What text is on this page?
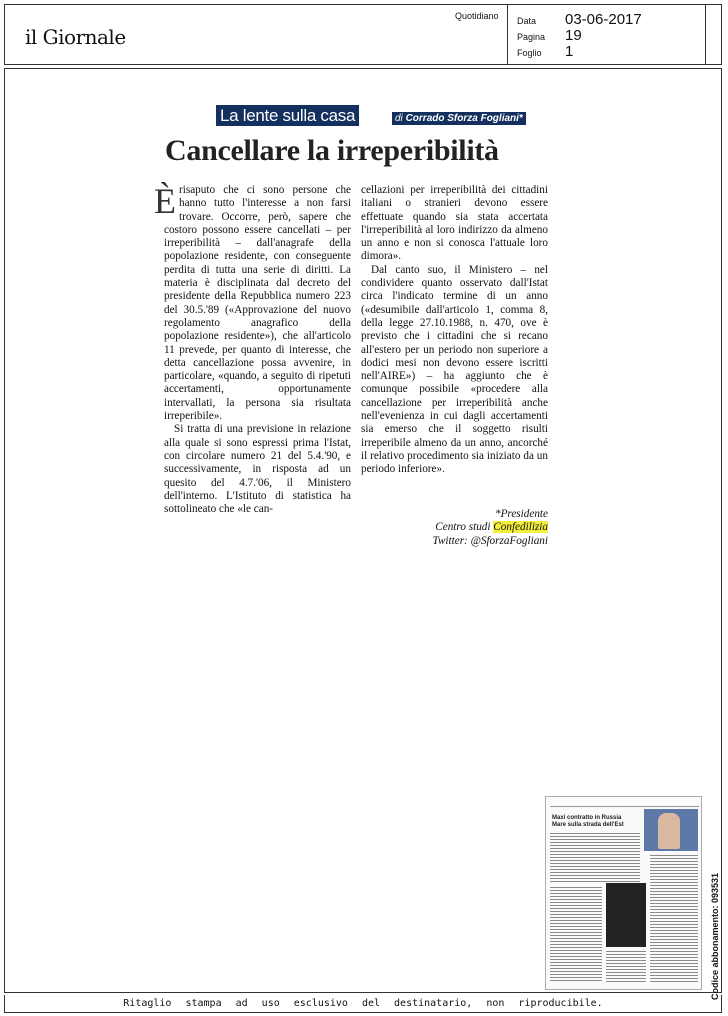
il Giornale
Quotidiano Data	03-06-2017
Pagina	19
Foglio	1
La lente sulla casa	di Corrado Sforza Fogliani*
Cancellare la irreperibilità

Èrisaputo che ci sono persone che hanno tutto l'interesse a non farsi trovare. Occorre, però, sapere che costoro possono essere cancellati – per irreperibilità – dall'anagrafe della popolazione residente, con conseguente perdita di tutta una serie di diritti. La materia è disciplinata dal decreto del presidente della Repubblica numero 223 del 30.5.'89 («Approvazione del nuovo regolamento anagrafico della popolazione residente»), che all'articolo 11 prevede, per quanto di interesse, che detta cancellazione possa avvenire, in particolare, «quando, a seguito di ripetuti accertamenti, opportunamente intervallati, la persona sia risultata irreperibile».

Si tratta di una previsione in relazione alla quale si sono espressi prima l'Istat, con circolare numero 21 del 5.4.'90, e successivamente, in risposta ad un quesito del 4.7.'06, il Ministero dell'interno. L'Istituto di statistica ha sottolineato che «le can-

cellazioni per irreperibilità dei cittadini italiani o stranieri devono essere effettuate quando sia stata accertata l'irreperibilità al loro indirizzo da almeno un anno e non si conosca l'attuale loro dimora».

Dal canto suo, il Ministero – nel condividere quanto osservato dall'Istat circa l'indicato termine di un anno («desumibile dall'articolo 1, comma 8, della legge 27.10.1988, n. 470, ove è previsto che i cittadini che si recano all'estero per un periodo non superiore a dodici mesi non devono essere iscritti nell'AIRE») – ha aggiunto che è comunque possibile «procedere alla cancellazione per irreperibilità anche nell'evenienza in cui dagli accertamenti sia emerso che il soggetto risulti irreperibile almeno da un anno, ancorché il relativo procedimento sia iniziato da un periodo inferiore».

*Presidente
Centro studi Confedilizia
Twitter: @SforzaFogliani
Maxi contratto in Russia
Mare sulla strada dell'Est
Codice abbonamento: 093531
Ritaglio stampa ad uso esclusivo del destinatario, non riproducibile.
